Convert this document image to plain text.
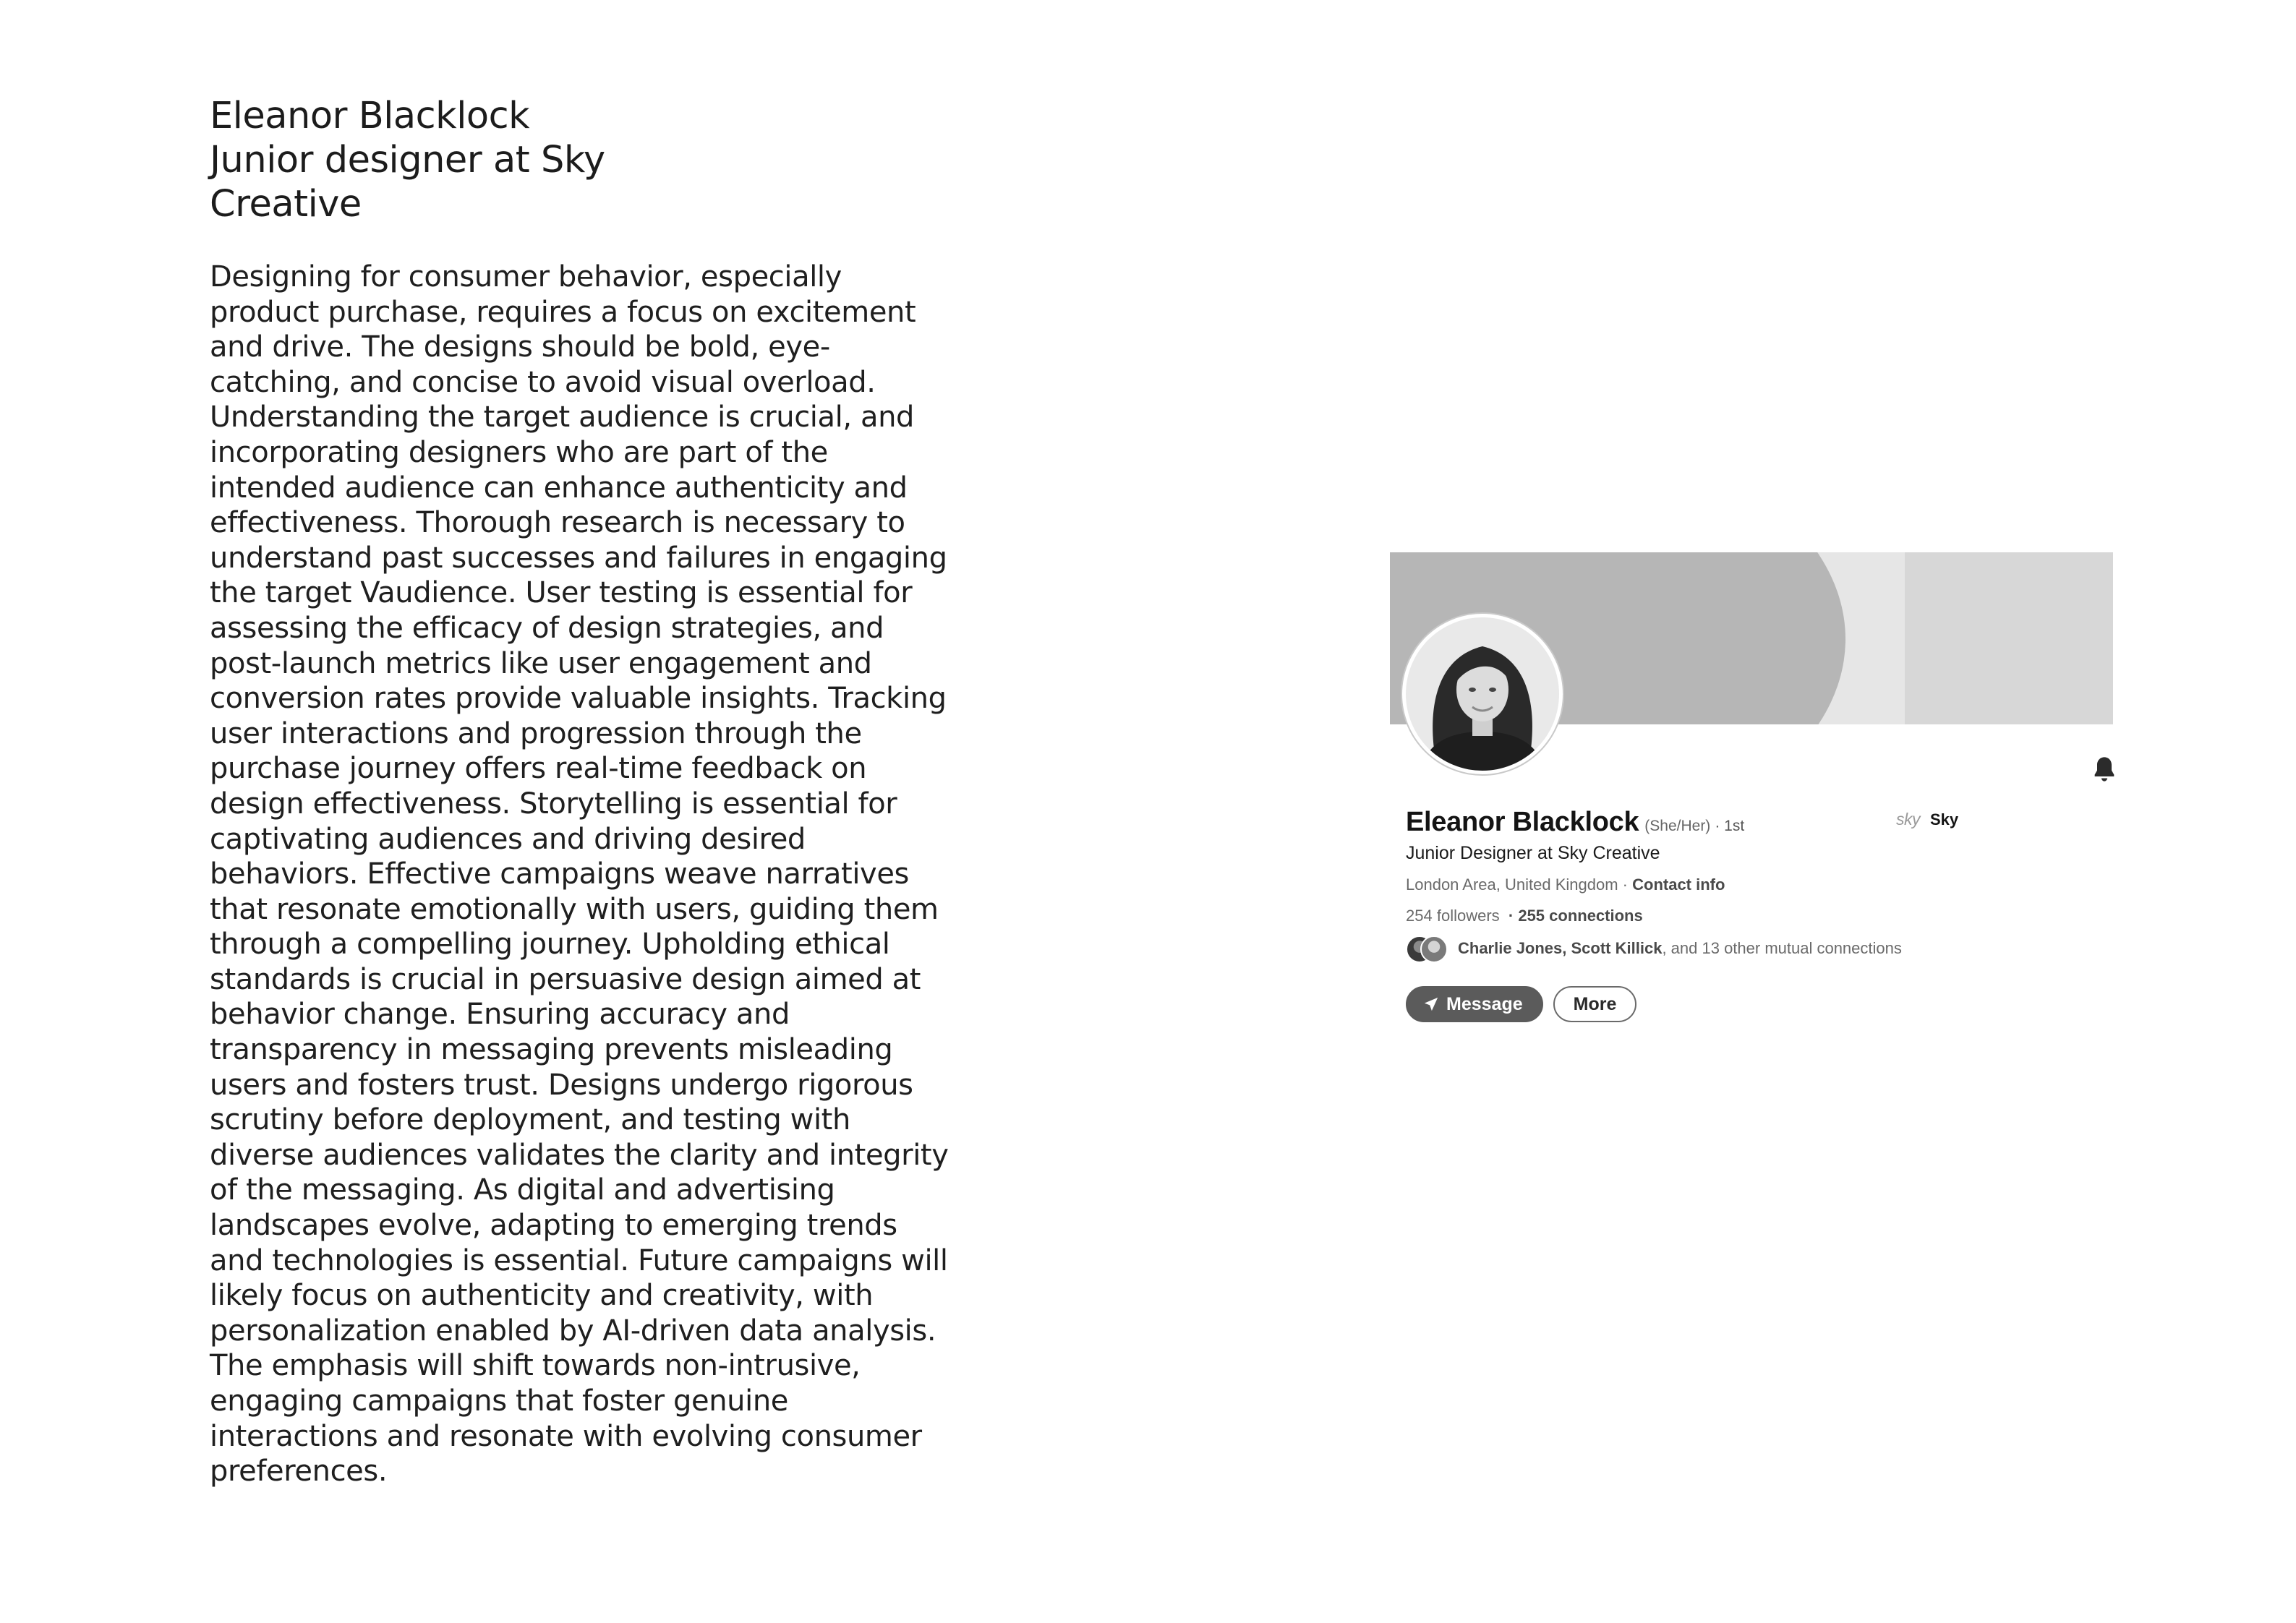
Eleanor Blacklock
Junior designer at Sky
Creative

Designing for consumer behavior, especially product purchase, requires a focus on excitement and drive. The designs should be bold, eye-catching, and concise to avoid visual overload. Understanding the target audience is crucial, and incorporating designers who are part of the intended audience can enhance authenticity and effectiveness. Thorough research is necessary to understand past successes and failures in engaging the target Vaudience. User testing is essential for assessing the efficacy of design strategies, and post-launch metrics like user engagement and conversion rates provide valuable insights. Tracking user interactions and progression through the purchase journey offers real-time feedback on design effectiveness. Storytelling is essential for captivating audiences and driving desired behaviors. Effective campaigns weave narratives that resonate emotionally with users, guiding them through a compelling journey. Upholding ethical standards is crucial in persuasive design aimed at behavior change. Ensuring accuracy and transparency in messaging prevents misleading users and fosters trust. Designs undergo rigorous scrutiny before deployment, and testing with diverse audiences validates the clarity and integrity of the messaging. As digital and advertising landscapes evolve, adapting to emerging trends and technologies is essential. Future campaigns will likely focus on authenticity and creativity, with personalization enabled by AI-driven data analysis. The emphasis will shift towards non-intrusive, engaging campaigns that foster genuine interactions and resonate with evolving consumer preferences.

Eleanor Blacklock (She/Her) · 1st	sky Sky
Junior Designer at Sky Creative
London Area, United Kingdom · Contact info
254 followers · 255 connections
Charlie Jones, Scott Killick , and 13 other mutual connections
Message	More
